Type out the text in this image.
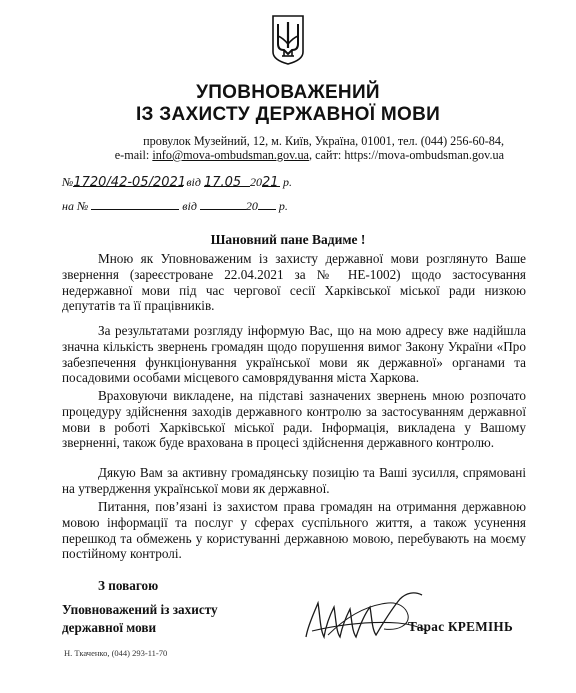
УПОВНОВАЖЕНИЙ
ІЗ ЗАХИСТУ ДЕРЖАВНОЇ МОВИ
провулок Музейний, 12, м. Київ, Україна, 01001, тел. (044) 256-60-84,
e-mail: info@mova-ombudsman.gov.ua, сайт: https://mova-ombudsman.gov.ua
№1720/42-05/2021 від 17.05 2021 р.
на №	від	20 р.
Шановний пане Вадиме !

Мною як Уповноваженим із захисту державної мови розглянуто Ваше звернення (зареєстроване 22.04.2021 за № НЕ-1002) щодо застосування недержавної мови під час чергової сесії Харківської міської ради низкою депутатів та її працівників.

За результатами розгляду інформую Вас, що на мою адресу вже надійшла значна кількість звернень громадян щодо порушення вимог Закону України «Про забезпечення функціонування української мови як державної» органами та посадовими особами місцевого самоврядування міста Харкова.

Враховуючи викладене, на підставі зазначених звернень мною розпочато процедуру здійснення заходів державного контролю за застосуванням державної мови в роботі Харківської міської ради. Інформація, викладена у Вашому зверненні, також буде врахована в процесі здійснення державного контролю.

Дякую Вам за активну громадянську позицію та Ваші зусилля, спрямовані на утвердження української мови як державної.

Питання, пов’язані із захистом права громадян на отримання державною мовою інформації та послуг у сферах суспільного життя, а також усунення перешкод та обмежень у користуванні державною мовою, перебувають на моєму постійному контролі.

З повагою
Уповноважений із захисту
державної мови	Тарас КРЕМІНЬ
Н. Ткаченко, (044) 293-11-70
